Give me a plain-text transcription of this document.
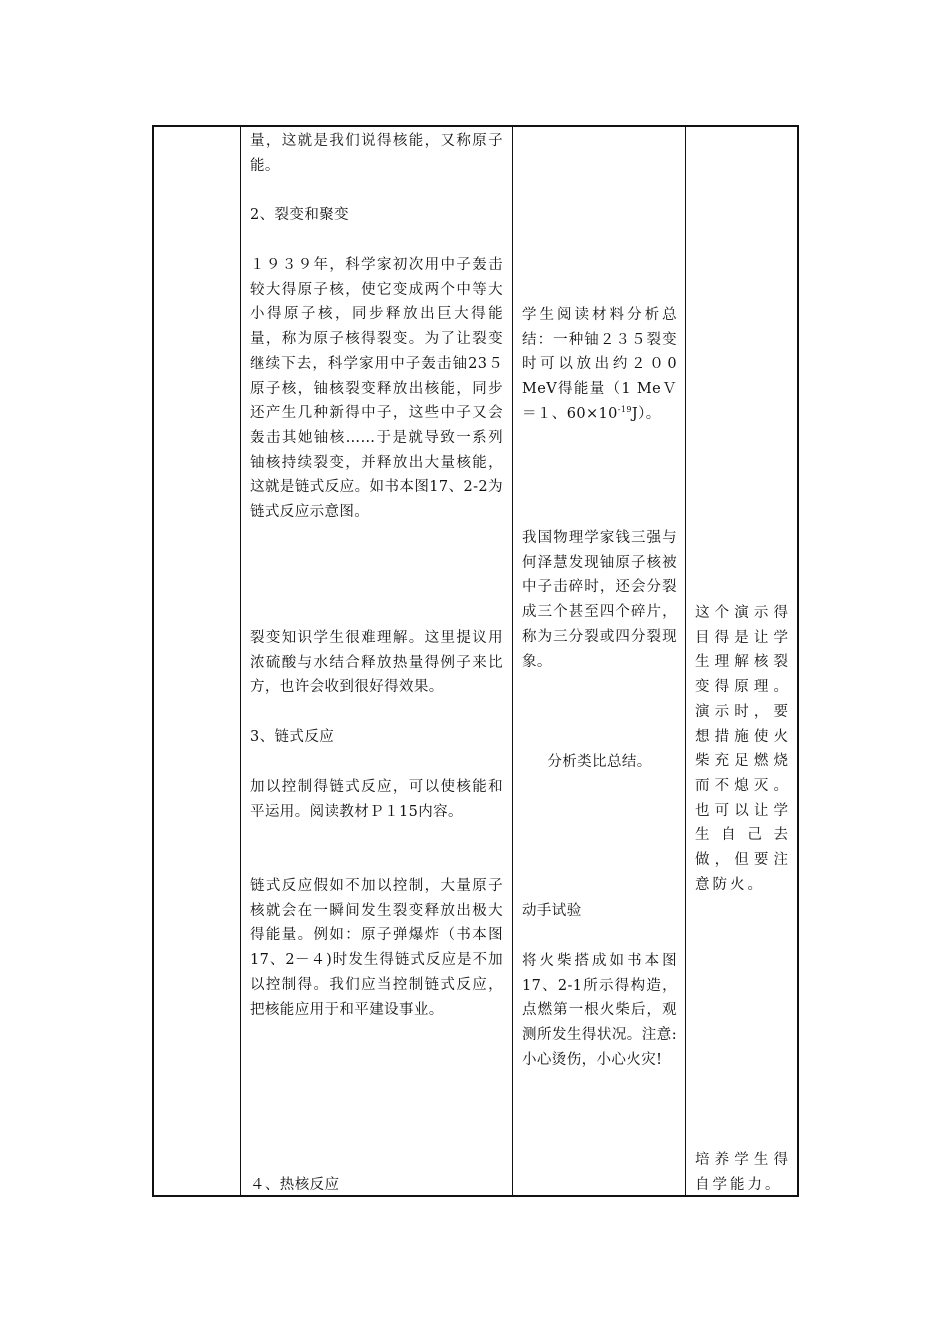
量，这就是我们说得核能，又称原子能。

2、裂变和聚变

１９３９年，科学家初次用中子轰击较大得原子核，使它变成两个中等大小得原子核，同步释放出巨大得能量，称为原子核得裂变。为了让裂变继续下去，科学家用中子轰击铀23５原子核，铀核裂变释放出核能，同步还产生几种新得中子，这些中子又会轰击其她铀核……于是就导致一系列铀核持续裂变，并释放出大量核能，这就是链式反应。如书本图17、2-2为链式反应示意图。

裂变知识学生很难理解。这里提议用浓硫酸与水结合释放热量得例子来比方，也许会收到很好得效果。

3、链式反应

加以控制得链式反应，可以使核能和平运用。阅读教材Ｐ１15内容。

链式反应假如不加以控制，大量原子核就会在一瞬间发生裂变释放出极大得能量。例如：原子弹爆炸（书本图17、2－４)时发生得链式反应是不加以控制得。我们应当控制链式反应，把核能应用于和平建设事业。

４、热核反应

学生阅读材料分析总结：一种铀２３５裂变时可以放出约２０0 MeV得能量（1 MeＶ＝１、$60\times 10^{-19}J$）。

我国物理学家钱三强与何泽慧发现铀原子核被中子击碎时，还会分裂成三个甚至四个碎片，称为三分裂或四分裂现象。

分析类比总结。

动手试验

将火柴搭成如书本图17、2-1所示得构造，点燃第一根火柴后，观测所发生得状况。注意:小心烫伤，小心火灾!

这个演示得目得是让学生理解核裂变得原理。演示时，要想措施使火柴充足燃烧而不熄灭。也可以让学生自己去做，但要注意防火。

培养学生得自学能力。
